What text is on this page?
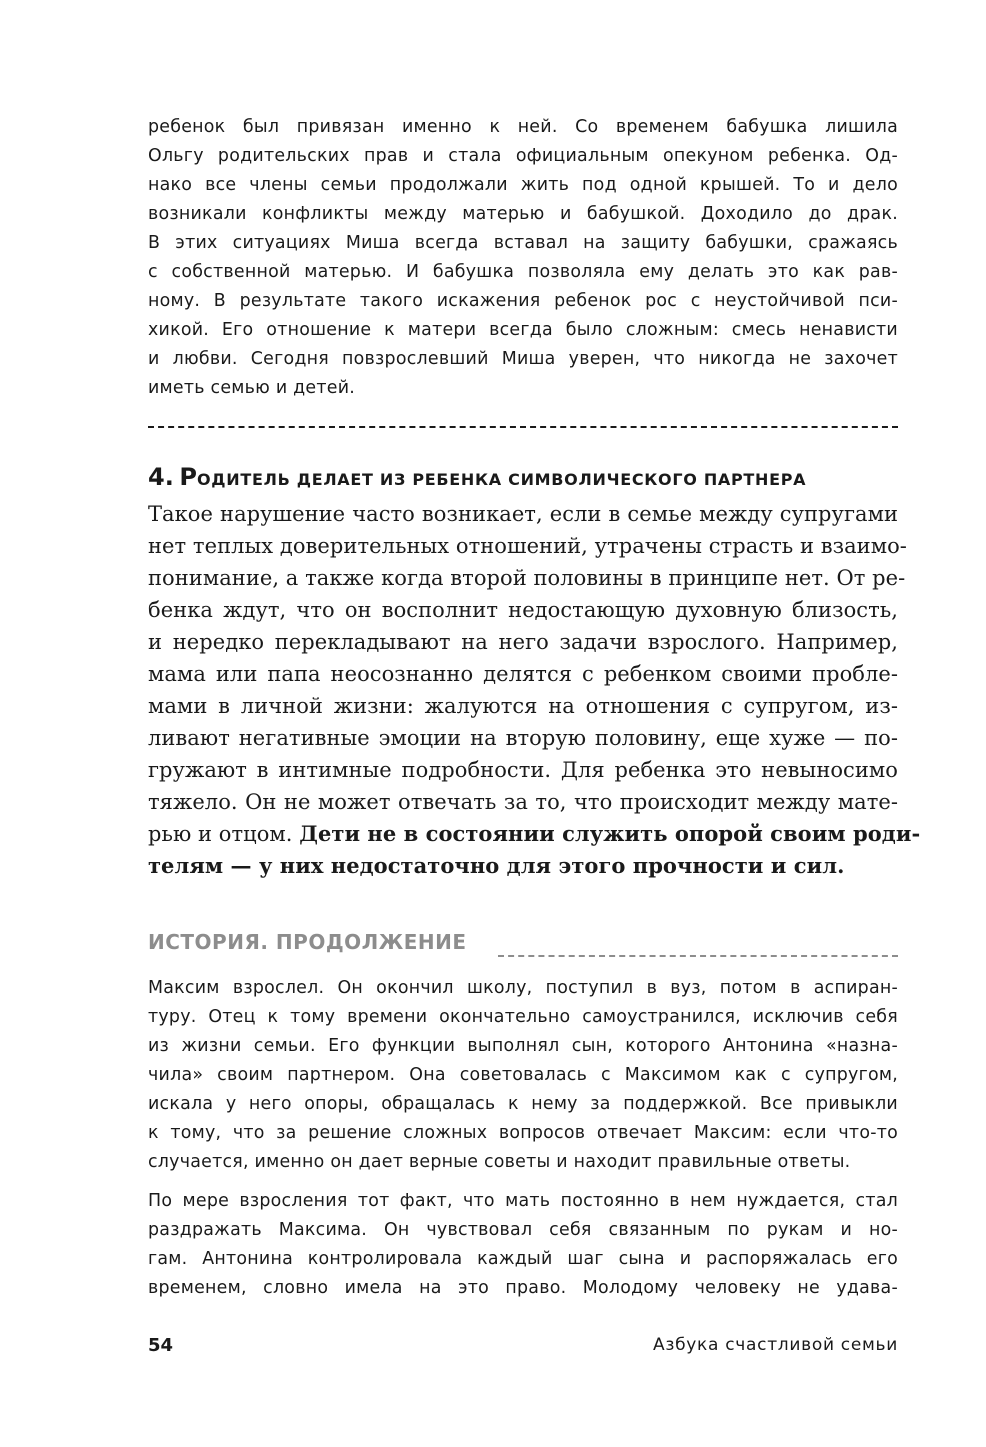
ребенок был привязан именно к ней. Со временем бабушка лишила
Ольгу родительских прав и стала официальным опекуном ребенка. Од-
нако все члены семьи продолжали жить под одной крышей. То и дело
возникали конфликты между матерью и бабушкой. Доходило до драк.
В этих ситуациях Миша всегда вставал на защиту бабушки, сражаясь
с собственной матерью. И бабушка позволяла ему делать это как рав-
ному. В результате такого искажения ребенок рос с неустойчивой пси-
хикой. Его отношение к матери всегда было сложным: смесь ненависти
и любви. Сегодня повзрослевший Миша уверен, что никогда не захочет
иметь семью и детей.
4. РОДИТЕЛЬ ДЕЛАЕТ ИЗ РЕБЕНКА СИМВОЛИЧЕСКОГО ПАРТНЕРА
Такое нарушение часто возникает, если в семье между супругами
нет теплых доверительных отношений, утрачены страсть и взаимо-
понимание, а также когда второй половины в принципе нет. От ре-
бенка ждут, что он восполнит недостающую духовную близость,
и нередко перекладывают на него задачи взрослого. Например,
мама или папа неосознанно делятся с ребенком своими пробле-
мами в личной жизни: жалуются на отношения с супругом, из-
ливают негативные эмоции на вторую половину, еще хуже — по-
гружают в интимные подробности. Для ребенка это невыносимо
тяжело. Он не может отвечать за то, что происходит между мате-
рью и отцом. Дети не в состоянии служить опорой своим роди-
телям — у них недостаточно для этого прочности и сил.
ИСТОРИЯ. ПРОДОЛЖЕНИЕ
Максим взрослел. Он окончил школу, поступил в вуз, потом в аспиран-
туру. Отец к тому времени окончательно самоустранился, исключив себя
из жизни семьи. Его функции выполнял сын, которого Антонина «назна-
чила» своим партнером. Она советовалась с Максимом как с супругом,
искала у него опоры, обращалась к нему за поддержкой. Все привыкли
к тому, что за решение сложных вопросов отвечает Максим: если что-то
случается, именно он дает верные советы и находит правильные ответы.
По мере взросления тот факт, что мать постоянно в нем нуждается, стал
раздражать Максима. Он чувствовал себя связанным по рукам и но-
гам. Антонина контролировала каждый шаг сына и распоряжалась его
временем, словно имела на это право. Молодому человеку не удава-
54	Азбука счастливой семьи
